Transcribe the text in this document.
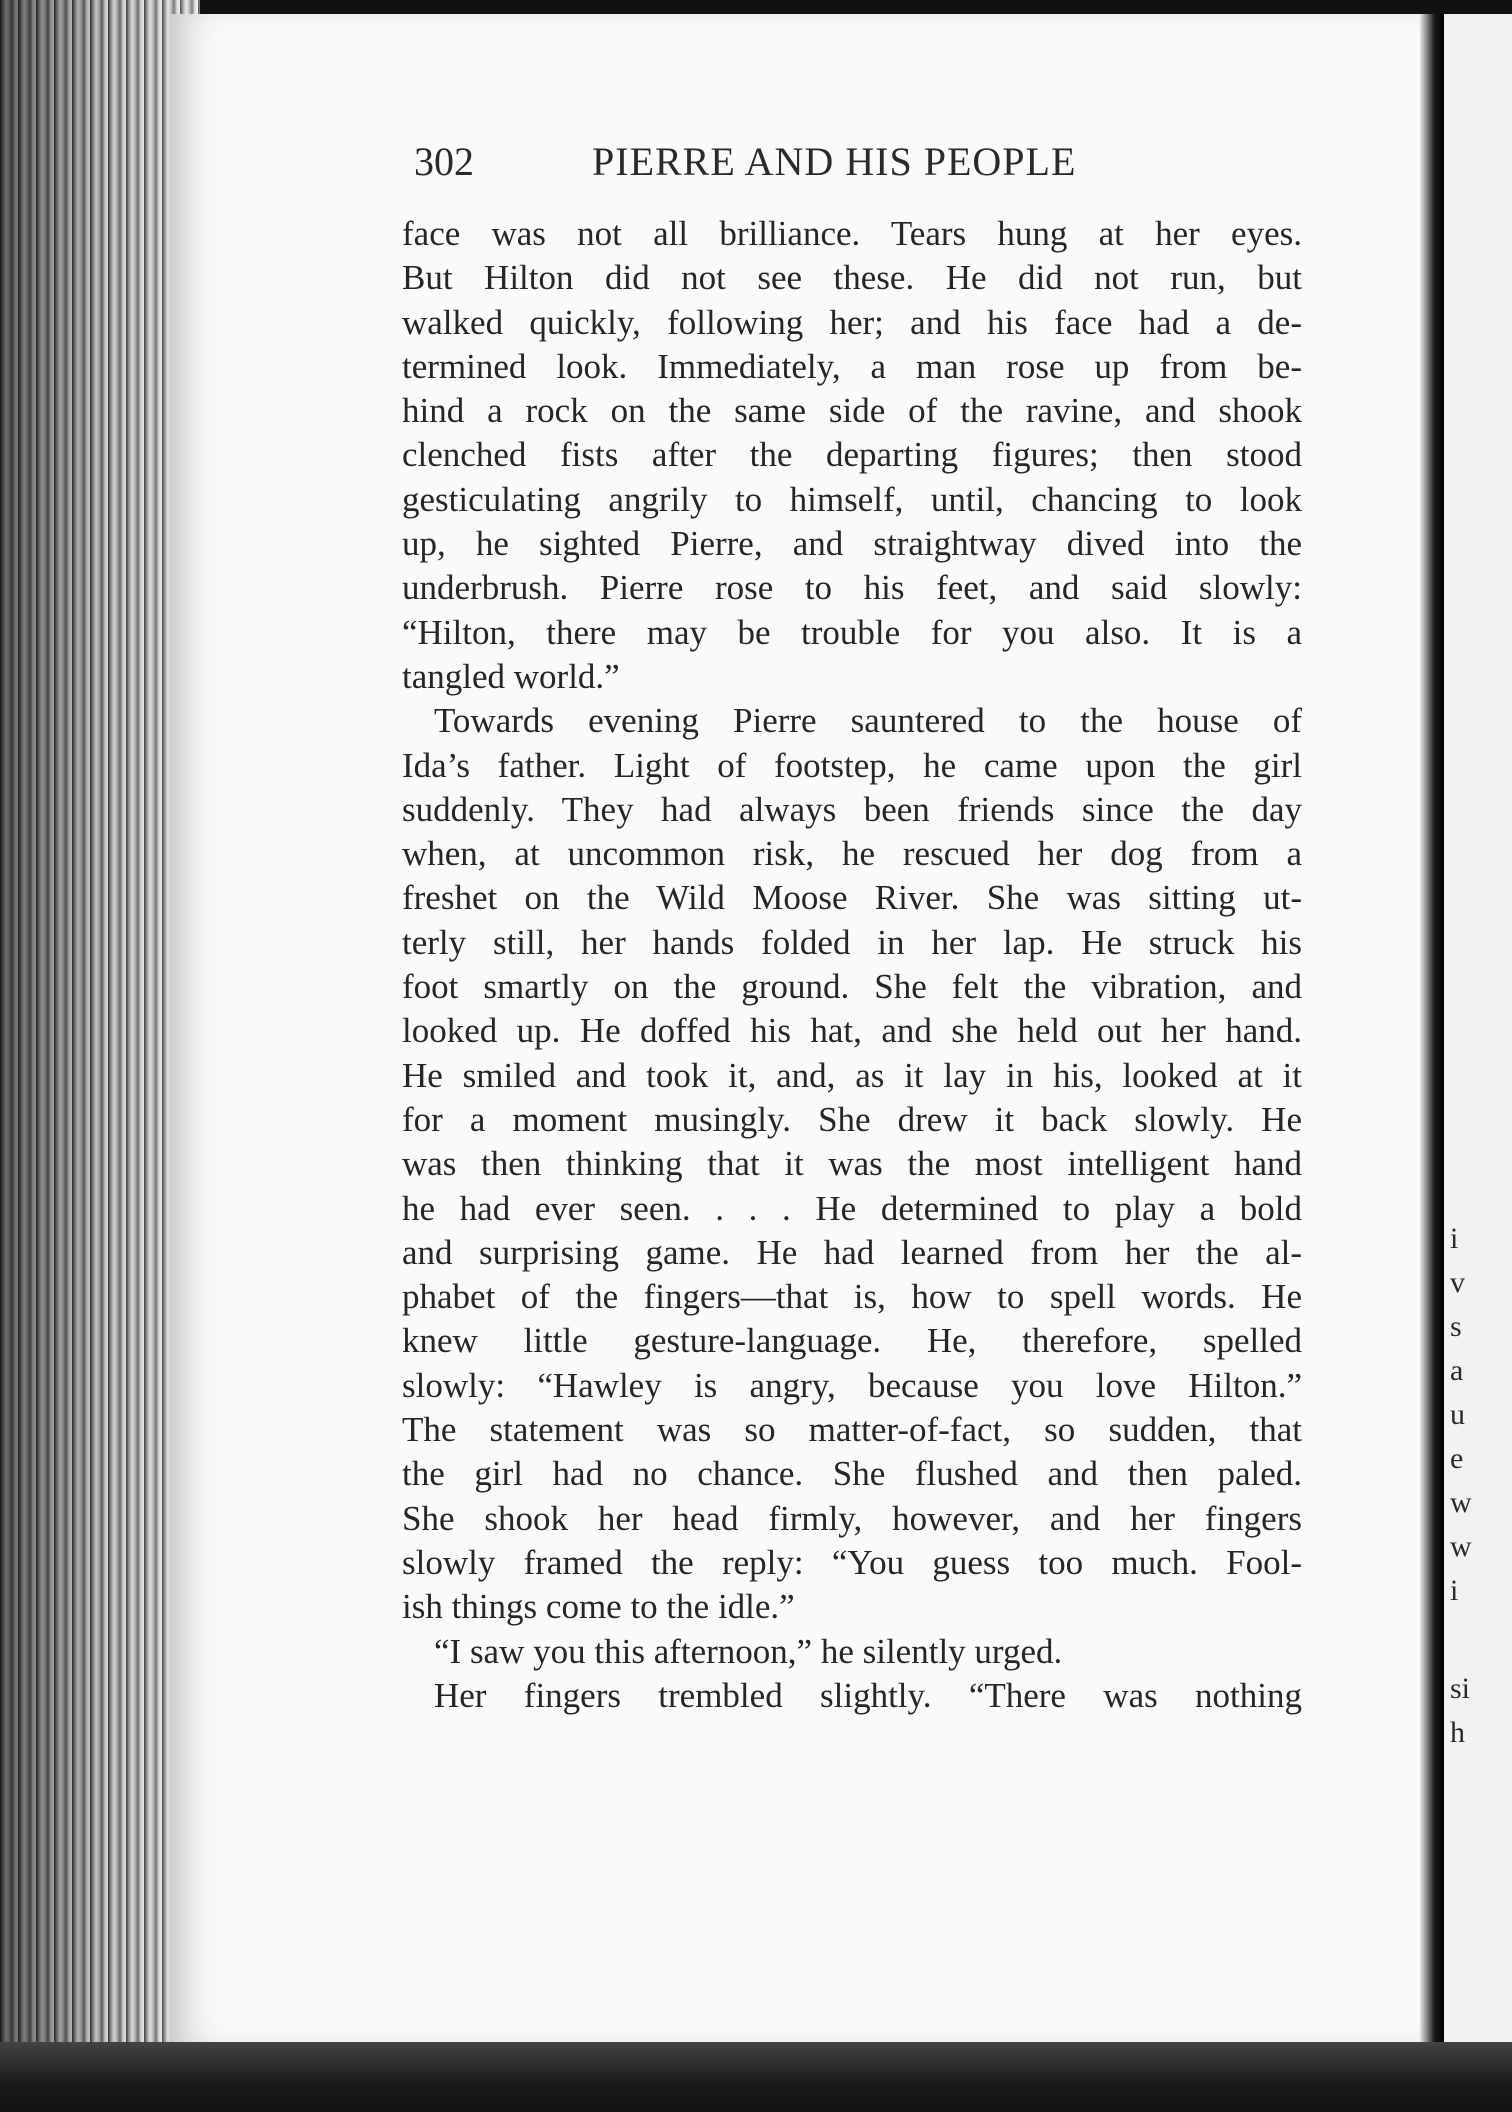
i
v
s
a
u
e
w
w
i
si
h
302	PIERRE AND HIS PEOPLE
face was not all brilliance. Tears hung at her eyes.
But Hilton did not see these. He did not run, but
walked quickly, following her; and his face had a de-
termined look. Immediately, a man rose up from be-
hind a rock on the same side of the ravine, and shook
clenched fists after the departing figures; then stood
gesticulating angrily to himself, until, chancing to look
up, he sighted Pierre, and straightway dived into the
underbrush. Pierre rose to his feet, and said slowly:
“Hilton, there may be trouble for you also. It is a
tangled world.”
Towards evening Pierre sauntered to the house of
Ida’s father. Light of footstep, he came upon the girl
suddenly. They had always been friends since the day
when, at uncommon risk, he rescued her dog from a
freshet on the Wild Moose River. She was sitting ut-
terly still, her hands folded in her lap. He struck his
foot smartly on the ground. She felt the vibration, and
looked up. He doffed his hat, and she held out her hand.
He smiled and took it, and, as it lay in his, looked at it
for a moment musingly. She drew it back slowly. He
was then thinking that it was the most intelligent hand
he had ever seen. . . . He determined to play a bold
and surprising game. He had learned from her the al-
phabet of the fingers—that is, how to spell words. He
knew little gesture-language. He, therefore, spelled
slowly: “Hawley is angry, because you love Hilton.”
The statement was so matter-of-fact, so sudden, that
the girl had no chance. She flushed and then paled.
She shook her head firmly, however, and her fingers
slowly framed the reply: “You guess too much. Fool-
ish things come to the idle.”
“I saw you this afternoon,” he silently urged.
Her fingers trembled slightly. “There was nothing
